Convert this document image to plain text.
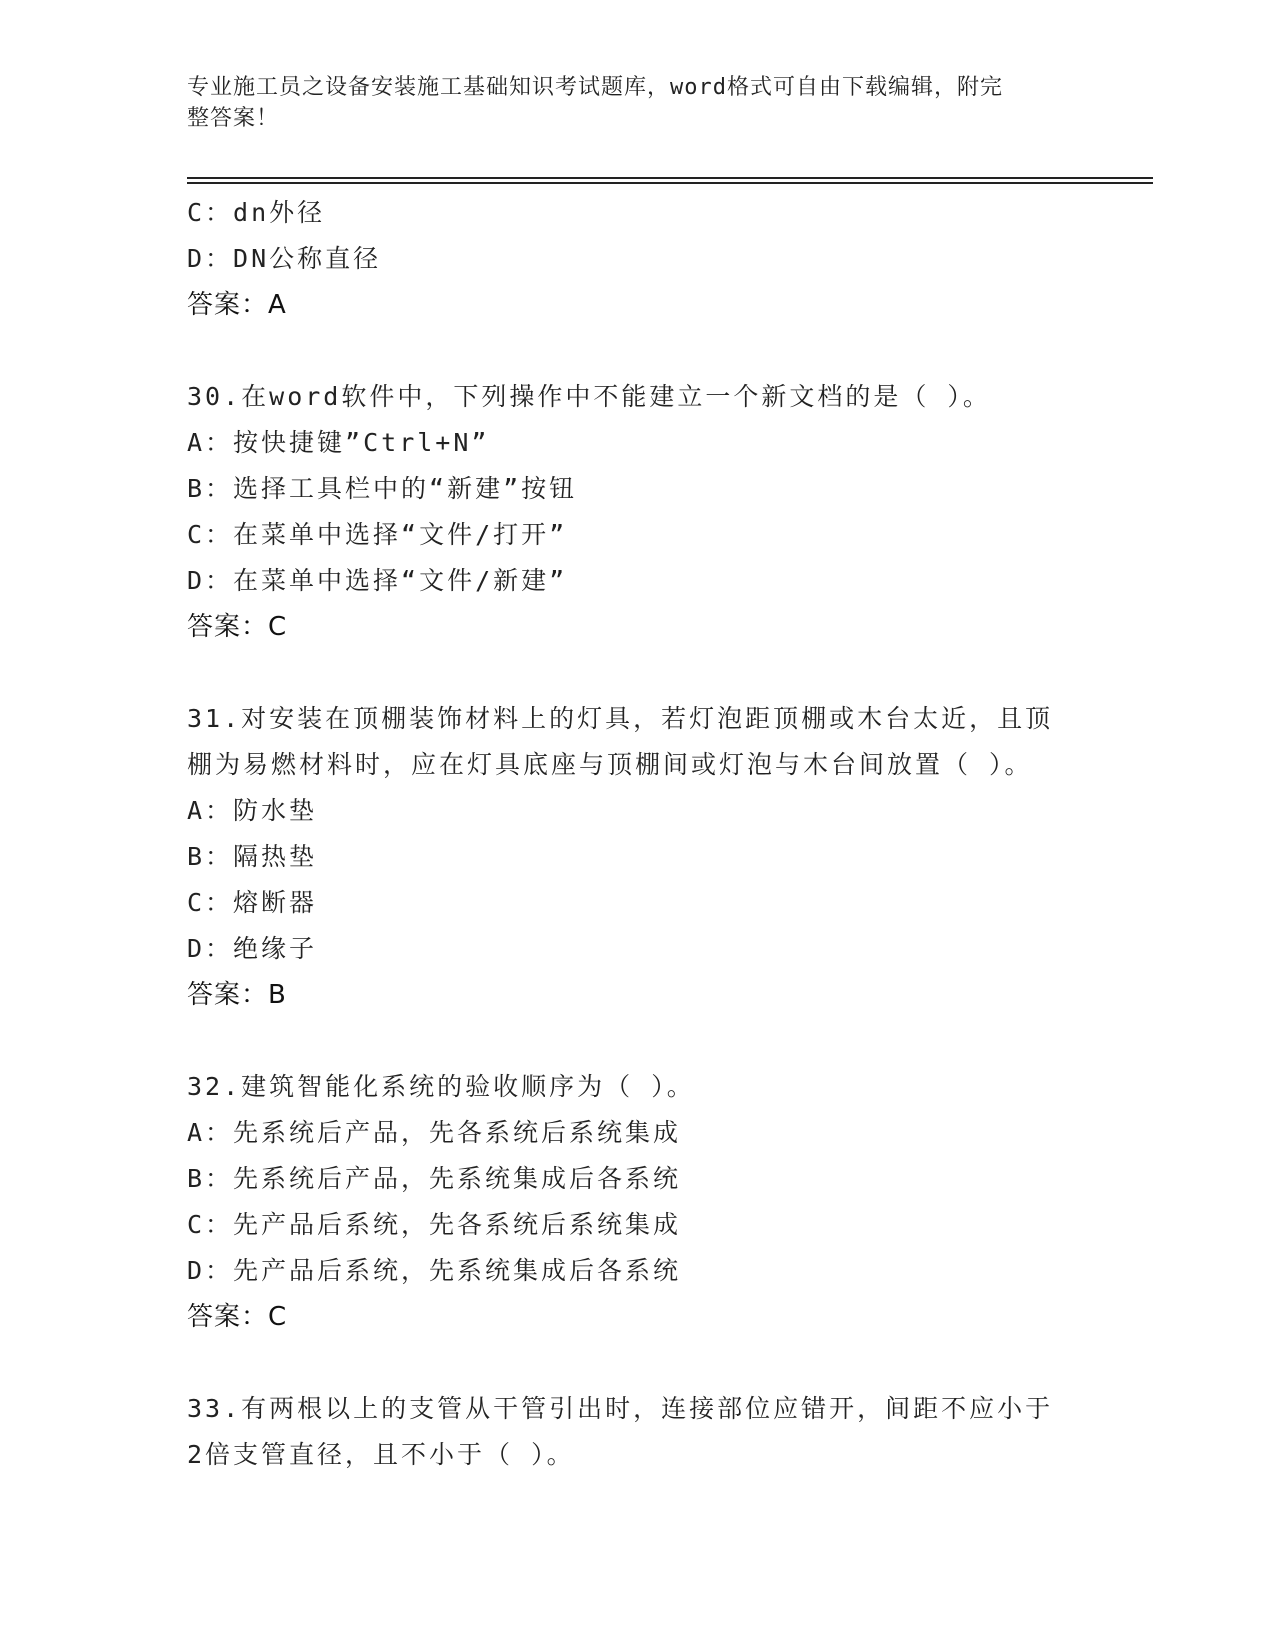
专业施工员之设备安装施工基础知识考试题库，word格式可自由下载编辑，附完
整答案！
C：dn外径
D：DN公称直径
答案：A
30.在word软件中，下列操作中不能建立一个新文档的是（ ）。
A：按快捷键”Ctrl+N”
B：选择工具栏中的“新建”按钮
C：在菜单中选择“文件/打开”
D：在菜单中选择“文件/新建”
答案：C
31.对安装在顶棚装饰材料上的灯具，若灯泡距顶棚或木台太近，且顶
棚为易燃材料时，应在灯具底座与顶棚间或灯泡与木台间放置（ ）。
A：防水垫
B：隔热垫
C：熔断器
D：绝缘子
答案：B
32.建筑智能化系统的验收顺序为（ ）。
A：先系统后产品，先各系统后系统集成
B：先系统后产品，先系统集成后各系统
C：先产品后系统，先各系统后系统集成
D：先产品后系统，先系统集成后各系统
答案：C
33.有两根以上的支管从干管引出时，连接部位应错开，间距不应小于
2倍支管直径，且不小于（ ）。
